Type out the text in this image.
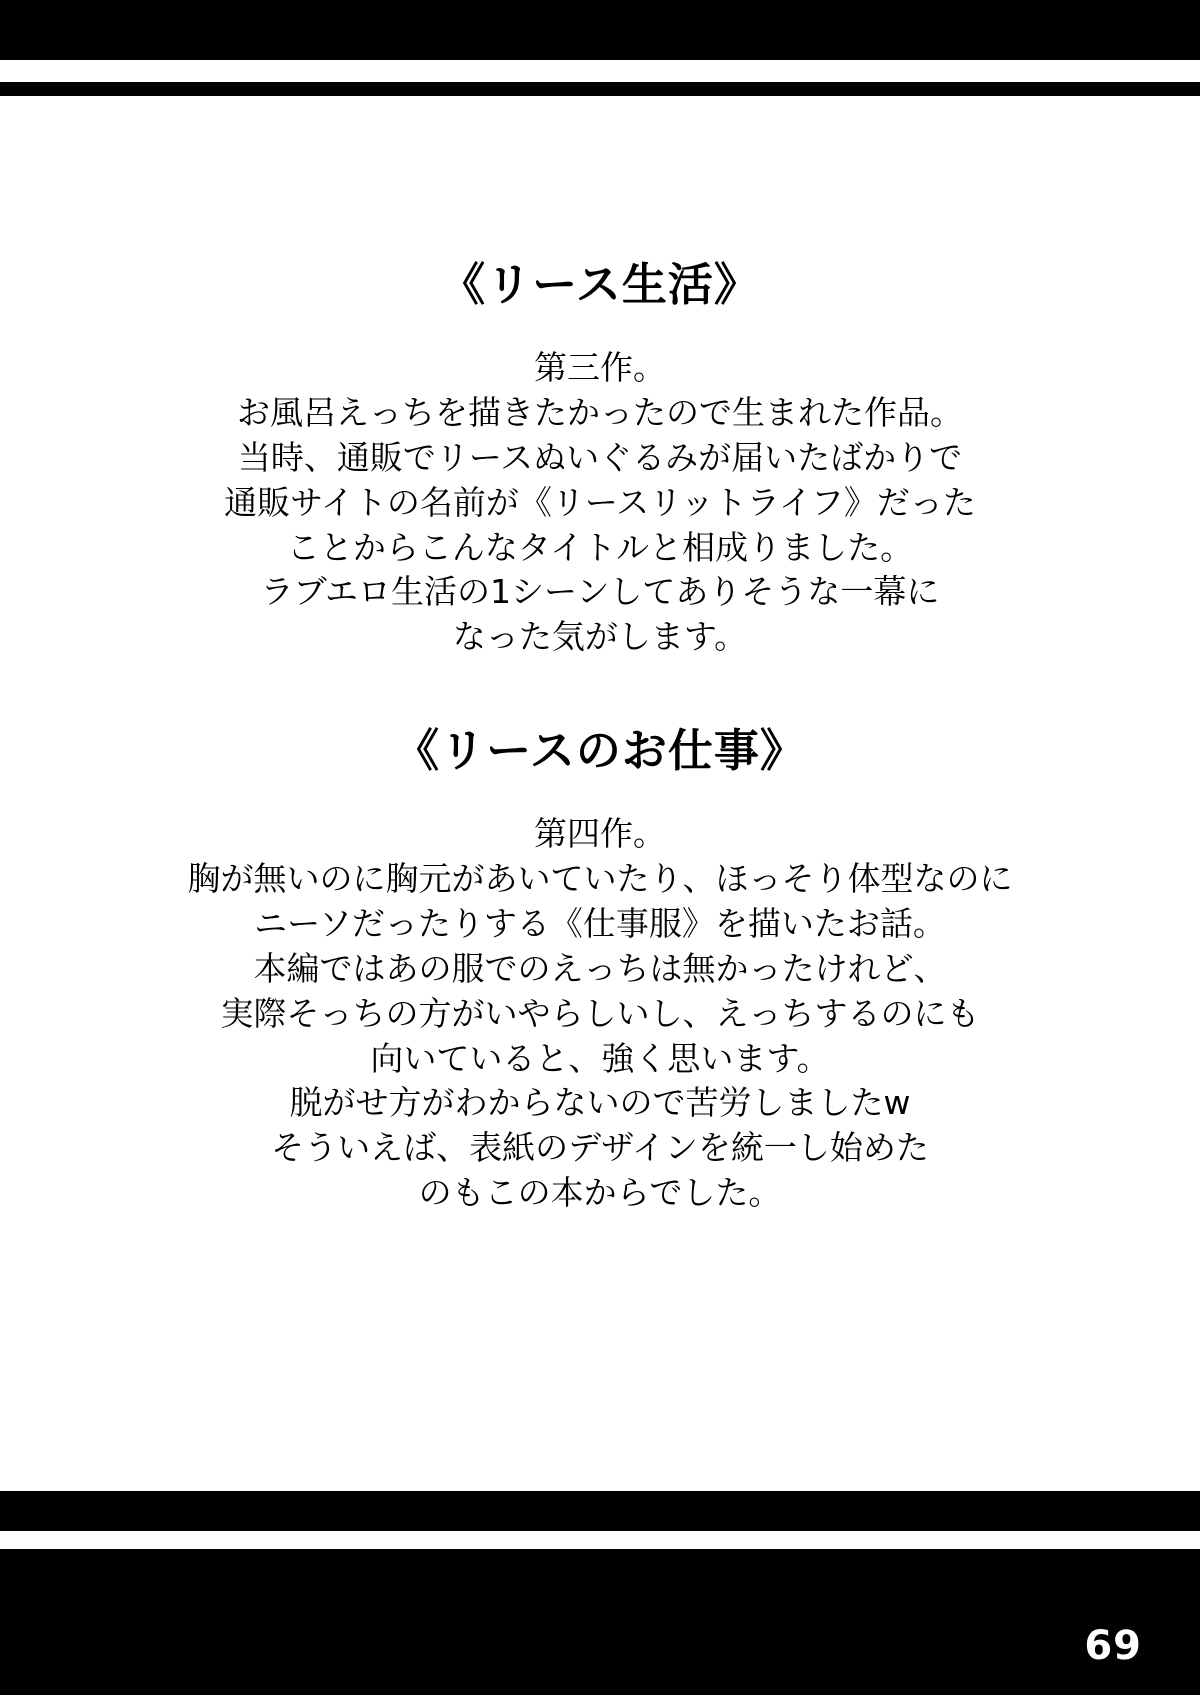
《リース生活》
第三作。
お風呂えっちを描きたかったので生まれた作品。
当時、通販でリースぬいぐるみが届いたばかりで
通販サイトの名前が《リースリットライフ》だった
ことからこんなタイトルと相成りました。
ラブエロ生活の1シーンしてありそうな一幕に
なった気がします。
《リースのお仕事》
第四作。
胸が無いのに胸元があいていたり、ほっそり体型なのに
ニーソだったりする《仕事服》を描いたお話。
本編ではあの服でのえっちは無かったけれど、
実際そっちの方がいやらしいし、えっちするのにも
向いていると、強く思います。
脱がせ方がわからないので苦労しましたw
そういえば、表紙のデザインを統一し始めた
のもこの本からでした。
69
